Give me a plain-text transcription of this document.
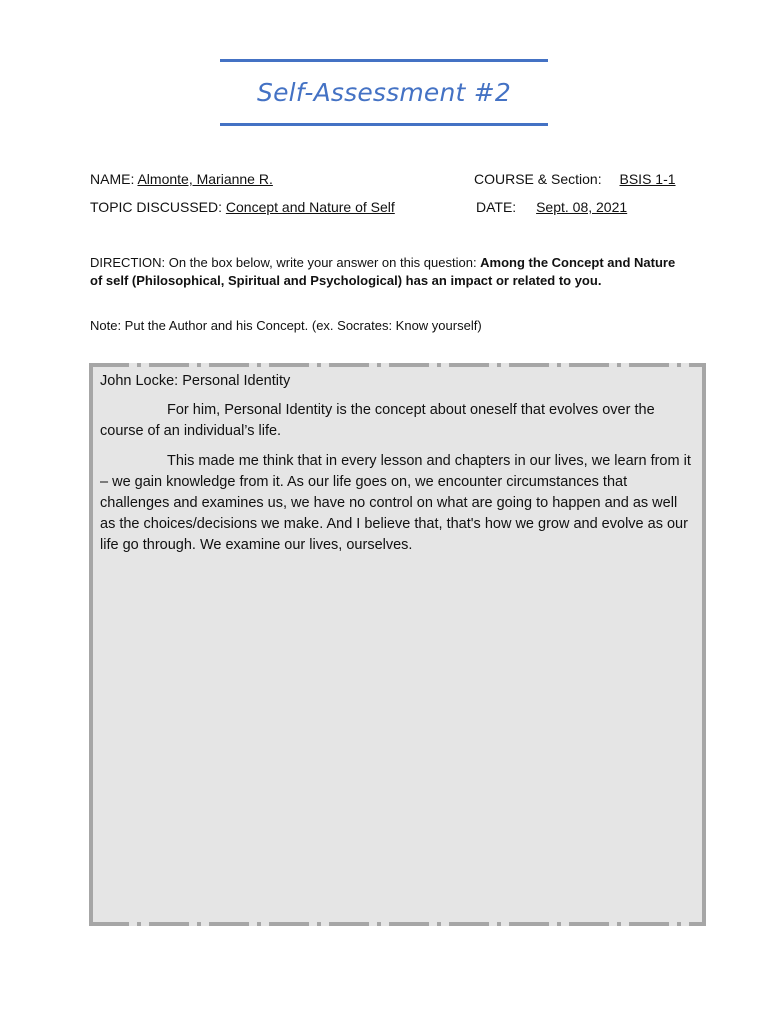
Self-Assessment #2
NAME: Almonte, Marianne R.	COURSE & Section: BSIS 1-1
TOPIC DISCUSSED: Concept and Nature of Self	DATE: Sept. 08, 2021
DIRECTION: On the box below, write your answer on this question: Among the Concept and Nature of self (Philosophical, Spiritual and Psychological) has an impact or related to you.
Note: Put the Author and his Concept. (ex. Socrates: Know yourself)

John Locke: Personal Identity

For him, Personal Identity is the concept about oneself that evolves over the course of an individual’s life.

This made me think that in every lesson and chapters in our lives, we learn from it – we gain knowledge from it. As our life goes on, we encounter circumstances that challenges and examines us, we have no control on what are going to happen and as well as the choices/decisions we make. And I believe that, that's how we grow and evolve as our life go through. We examine our lives, ourselves.
